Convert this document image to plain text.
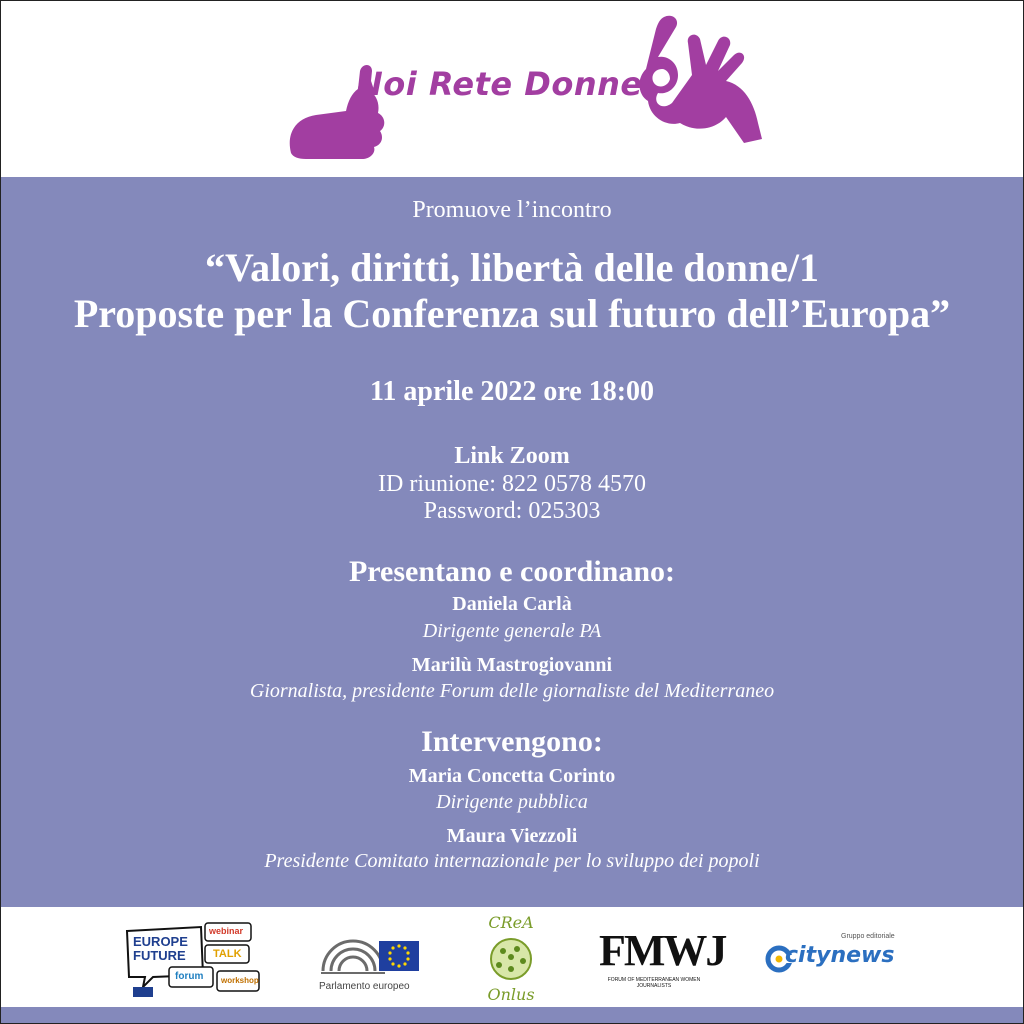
Noi Rete Donne
Promuove l’incontro
“Valori, diritti, libertà delle donne/1
Proposte per la Conferenza sul futuro dell’Europa”
11 aprile 2022 ore 18:00
Link Zoom
ID riunione: 822 0578 4570
Password: 025303
Presentano e coordinano:
Daniela Carlà
Dirigente generale PA
Marilù Mastrogiovanni
Giornalista, presidente Forum delle giornaliste del Mediterraneo
Intervengono:
Maria Concetta Corinto
Dirigente pubblica
Maura Viezzoli
Presidente Comitato internazionale per lo sviluppo dei popoli
EUROPE
FUTURE
webinar
TALK
forum workshop
Parlamento europeo
CReA
Onlus
FMWJ
FORUM OF MEDITERRANEAN WOMEN JOURNALISTS
Gruppo editoriale
citynews
